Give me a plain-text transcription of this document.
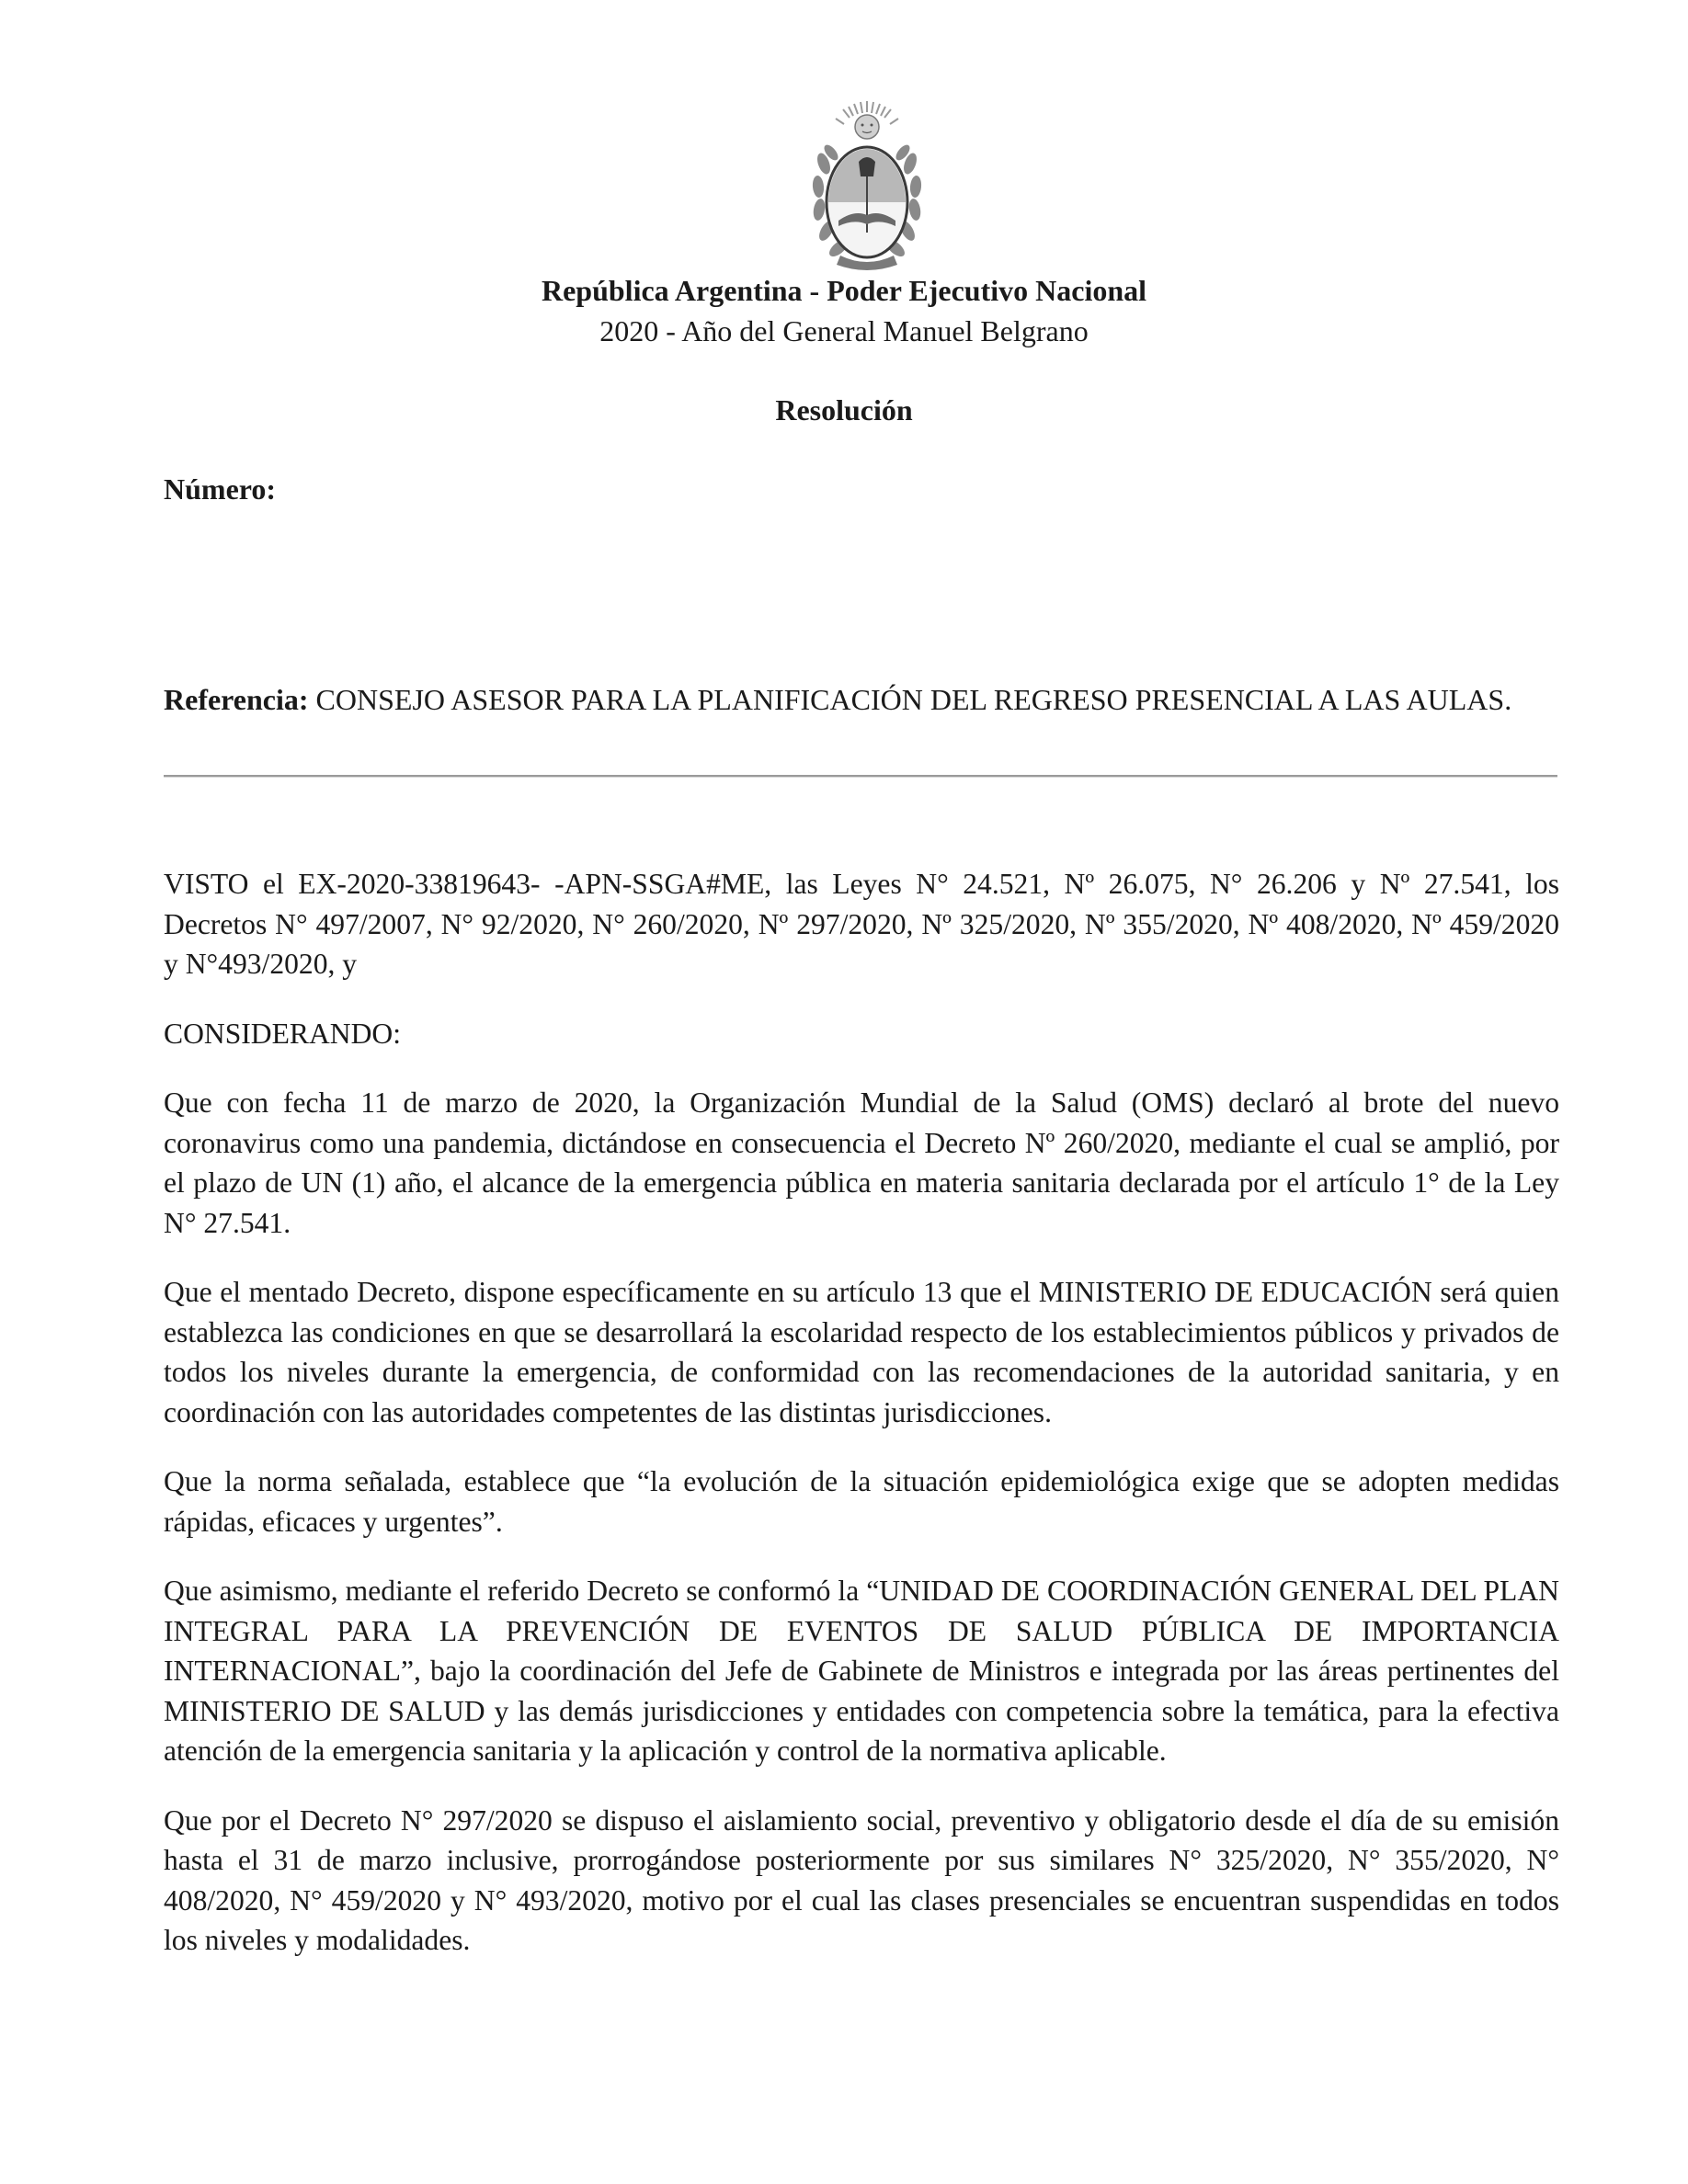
República Argentina - Poder Ejecutivo Nacional
2020 - Año del General Manuel Belgrano
Resolución
Número:
Referencia: CONSEJO ASESOR PARA LA PLANIFICACIÓN DEL REGRESO PRESENCIAL A LAS AULAS.

VISTO el EX-2020-33819643- -APN-SSGA#ME, las Leyes N° 24.521, Nº 26.075, N° 26.206 y Nº 27.541, los Decretos N° 497/2007, N° 92/2020, N° 260/2020, Nº 297/2020, Nº 325/2020, Nº 355/2020, Nº 408/2020, Nº 459/2020 y N°493/2020, y

CONSIDERANDO:

Que con fecha 11 de marzo de 2020, la Organización Mundial de la Salud (OMS) declaró al brote del nuevo coronavirus como una pandemia, dictándose en consecuencia el Decreto Nº 260/2020, mediante el cual se amplió, por el plazo de UN (1) año, el alcance de la emergencia pública en materia sanitaria declarada por el artículo 1° de la Ley N° 27.541.

Que el mentado Decreto, dispone específicamente en su artículo 13 que el MINISTERIO DE EDUCACIÓN será quien establezca las condiciones en que se desarrollará la escolaridad respecto de los establecimientos públicos y privados de todos los niveles durante la emergencia, de conformidad con las recomendaciones de la autoridad sanitaria, y en coordinación con las autoridades competentes de las distintas jurisdicciones.

Que la norma señalada, establece que “la evolución de la situación epidemiológica exige que se adopten medidas rápidas, eficaces y urgentes”.

Que asimismo, mediante el referido Decreto se conformó la “UNIDAD DE COORDINACIÓN GENERAL DEL PLAN INTEGRAL PARA LA PREVENCIÓN DE EVENTOS DE SALUD PÚBLICA DE IMPORTANCIA INTERNACIONAL”, bajo la coordinación del Jefe de Gabinete de Ministros e integrada por las áreas pertinentes del MINISTERIO DE SALUD y las demás jurisdicciones y entidades con competencia sobre la temática, para la efectiva atención de la emergencia sanitaria y la aplicación y control de la normativa aplicable.

Que por el Decreto N° 297/2020 se dispuso el aislamiento social, preventivo y obligatorio desde el día de su emisión hasta el 31 de marzo inclusive, prorrogándose posteriormente por sus similares N° 325/2020, N° 355/2020, N° 408/2020, N° 459/2020 y N° 493/2020, motivo por el cual las clases presenciales se encuentran suspendidas en todos los niveles y modalidades.
